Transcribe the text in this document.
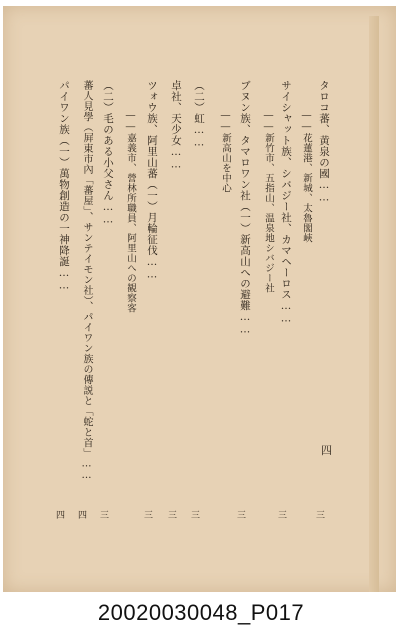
タロコ蕃、黄泉の國……
――花蓮港、新城、太魯閣峽
サイシャット族、シバジー社、カマヘーロス……
――新竹市、五指山、温泉地シバジー社
ブヌン族、タマロワン社（一）新高山への避難……
――新高山を中心
（二）虹……
卓社、天少女……
ツォウ族、阿里山蕃（一）月輪征伐……
――嘉義市、營林所職員、阿里山への観察客
（二）毛のある小父さん……
蕃人見學（屛東市內「蕃屋」、サンテイモン社）、パイワン族の傳説と「蛇と首」……
パイワン族（一）萬物創造の一神降誕……
三
三
三
三
三
三
三
四
四
四
20020030048_P017
